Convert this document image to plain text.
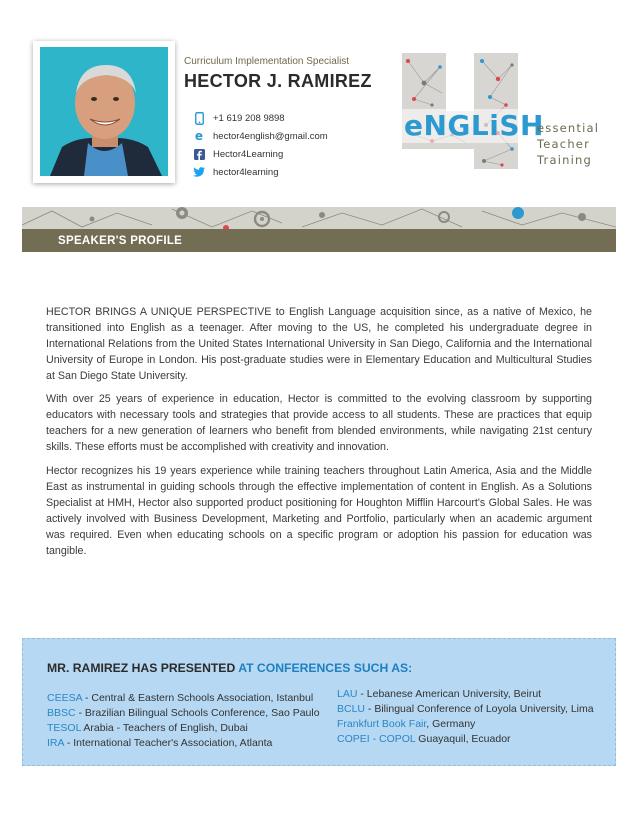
Curriculum Implementation Specialist
HECTOR J. RAMIREZ
+1 619 208 9898
e hector4english@gmail.com
Hector4Learning
hector4learning
eNGLiSH
essential
Teacher
Training
SPEAKER'S PROFILE
HECTOR BRINGS A UNIQUE PERSPECTIVE to English Language acquisition since, as a native of Mexico, he transitioned into English as a teenager. After moving to the US, he completed his undergraduate degree in International Relations from the United States International University in San Diego, California and the International University of Europe in London. His post-graduate studies were in Elementary Education and Multicultural Studies at San Diego State University.
With over 25 years of experience in education, Hector is committed to the evolving classroom by supporting educators with necessary tools and strategies that provide access to all students. These are practices that equip teachers for a new generation of learners who benefit from blended environments, while navigating 21st century skills. These efforts must be accomplished with creativity and innovation.
Hector recognizes his 19 years experience while training teachers throughout Latin America, Asia and the Middle East as instrumental in guiding schools through the effective implementation of content in English. As a Solutions Specialist at HMH, Hector also supported product positioning for Houghton Mifflin Harcourt's Global Sales. He was actively involved with Business Development, Marketing and Portfolio, particularly when an academic argument was required. Even when educating schools on a specific program or adoption his passion for education was tangible.
MR. RAMIREZ HAS PRESENTED AT CONFERENCES SUCH AS:
CEESA - Central & Eastern Schools Association, Istanbul
BBSC - Brazilian Bilingual Schools Conference, Sao Paulo
TESOL Arabia - Teachers of English, Dubai
IRA - International Teacher's Association, Atlanta
LAU - Lebanese American University, Beirut
BCLU - Bilingual Conference of Loyola University, Lima
Frankfurt Book Fair, Germany
COPEI - COPOL Guayaquil, Ecuador
